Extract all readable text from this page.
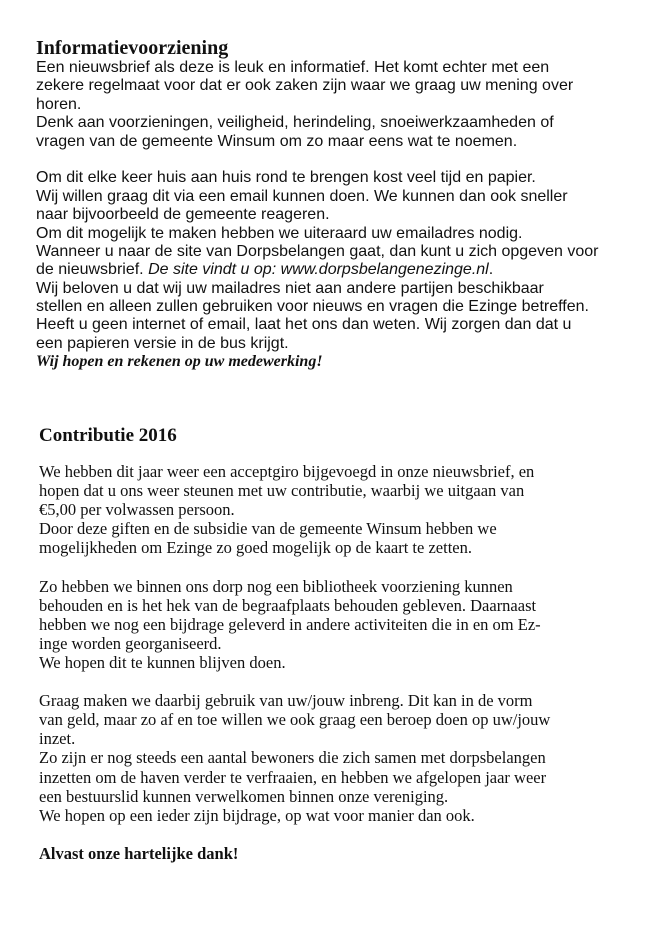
Informatievoorziening
Een nieuwsbrief als deze is leuk en informatief. Het komt echter met een
zekere regelmaat voor dat er ook zaken zijn waar we graag uw mening over
horen.
Denk aan voorzieningen, veiligheid, herindeling, snoeiwerkzaamheden of
vragen van de gemeente Winsum om zo maar eens wat te noemen.
Om dit elke keer huis aan huis rond te brengen kost veel tijd en papier.
Wij willen graag dit via een email kunnen doen. We kunnen dan ook sneller
naar bijvoorbeeld de gemeente reageren.
Om dit mogelijk te maken hebben we uiteraard uw emailadres nodig.
Wanneer u naar de site van Dorpsbelangen gaat, dan kunt u zich opgeven voor
de nieuwsbrief. De site vindt u op: www.dorpsbelangenezinge.nl.
Wij beloven u dat wij uw mailadres niet aan andere partijen beschikbaar
stellen en alleen zullen gebruiken voor nieuws en vragen die Ezinge betreffen.
Heeft u geen internet of email, laat het ons dan weten. Wij zorgen dan dat u
een papieren versie in de bus krijgt.
Wij hopen en rekenen op uw medewerking!
Contributie 2016
We hebben dit jaar weer een acceptgiro bijgevoegd in onze nieuwsbrief, en
hopen dat u ons weer steunen met uw contributie, waarbij we uitgaan van
€5,00 per volwassen persoon.
Door deze giften en de subsidie van de gemeente Winsum hebben we
mogelijkheden om Ezinge zo goed mogelijk op de kaart te zetten.
Zo hebben we binnen ons dorp nog een bibliotheek voorziening kunnen
behouden en is het hek van de begraafplaats behouden gebleven. Daarnaast
hebben we nog een bijdrage geleverd in andere activiteiten die in en om Ez-
inge worden georganiseerd.
We hopen dit te kunnen blijven doen.
Graag maken we daarbij gebruik van uw/jouw inbreng. Dit kan in de vorm
van geld, maar zo af en toe willen we ook graag een beroep doen op uw/jouw
inzet.
Zo zijn er nog steeds een aantal bewoners die zich samen met dorpsbelangen
inzetten om de haven verder te verfraaien, en hebben we afgelopen jaar weer
een bestuurslid kunnen verwelkomen binnen onze vereniging.
We hopen op een ieder zijn bijdrage, op wat voor manier dan ook.
Alvast onze hartelijke dank!
